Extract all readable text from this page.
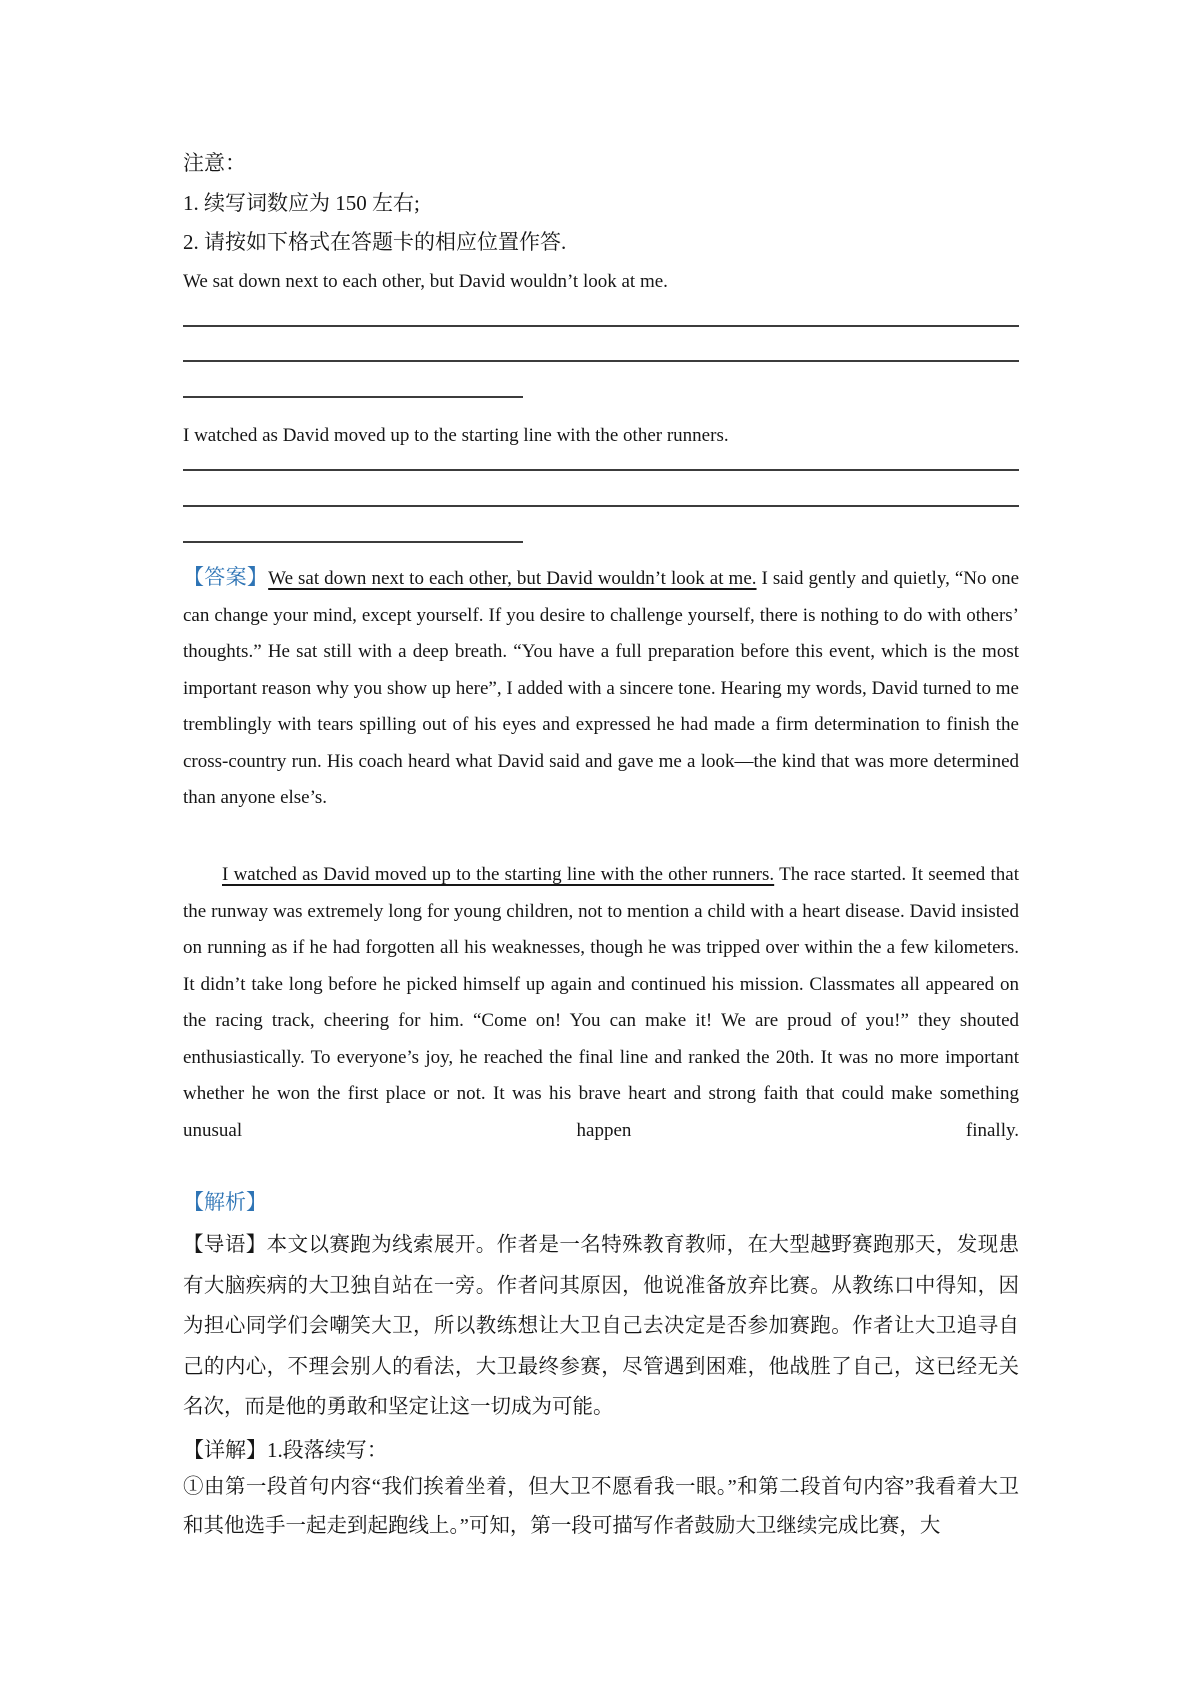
注意：

1. 续写词数应为 150 左右;

2. 请按如下格式在答题卡的相应位置作答.

We sat down next to each other, but David wouldn’t look at me.

I watched as David moved up to the starting line with the other runners.

【答案】We sat down next to each other, but David wouldn’t look at me. I said gently and quietly, “No one can change your mind, except yourself. If you desire to challenge yourself, there is nothing to do with others’ thoughts.” He sat still with a deep breath. “You have a full preparation before this event, which is the most important reason why you show up here”, I added with a sincere tone. Hearing my words, David turned to me tremblingly with tears spilling out of his eyes and expressed he had made a firm determination to finish the cross-country run. His coach heard what David said and gave me a look—the kind that was more determined than anyone else’s.

I watched as David moved up to the starting line with the other runners. The race started. It seemed that the runway was extremely long for young children, not to mention a child with a heart disease. David insisted on running as if he had forgotten all his weaknesses, though he was tripped over within the a few kilometers. It didn’t take long before he picked himself up again and continued his mission. Classmates all appeared on the racing track, cheering for him. “Come on! You can make it! We are proud of you!” they shouted enthusiastically. To everyone’s joy, he reached the final line and ranked the 20th. It was no more important whether he won the first place or not. It was his brave heart and strong faith that could make something unusual happen finally.

【解析】

【导语】本文以赛跑为线索展开。作者是一名特殊教育教师，在大型越野赛跑那天，发现患有大脑疾病的大卫独自站在一旁。作者问其原因，他说准备放弃比赛。从教练口中得知，因为担心同学们会嘲笑大卫，所以教练想让大卫自己去决定是否参加赛跑。作者让大卫追寻自己的内心，不理会别人的看法，大卫最终参赛，尽管遇到困难，他战胜了自己，这已经无关名次，而是他的勇敢和坚定让这一切成为可能。

【详解】1.段落续写：

①由第一段首句内容“我们挨着坐着，但大卫不愿看我一眼。”和第二段首句内容”我看着大卫和其他选手一起走到起跑线上。”可知，第一段可描写作者鼓励大卫继续完成比赛，大
